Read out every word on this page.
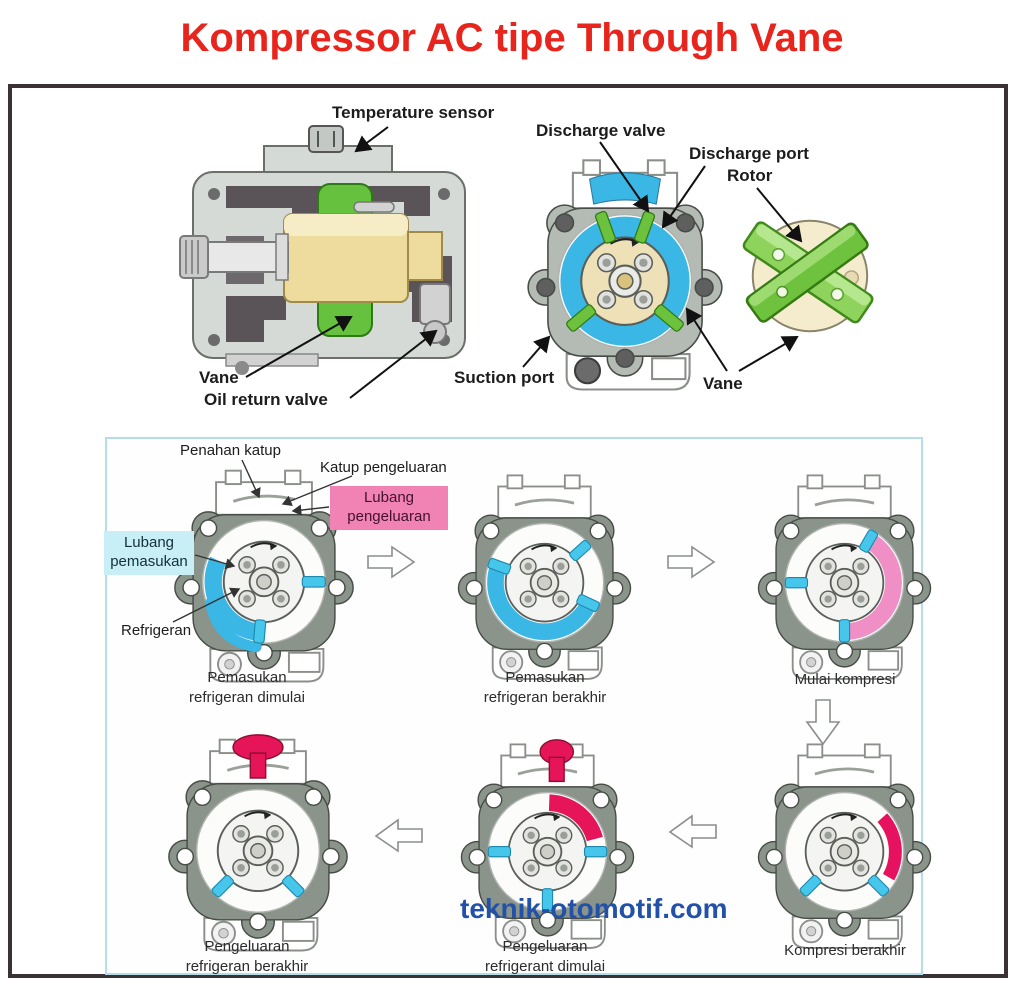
Kompressor AC tipe Through Vane
Temperature sensor
Discharge valve
Discharge port
Rotor
Vane
Oil return valve
Suction port	Vane
Penahan katup
Katup pengeluaran
Lubang pengeluaran
Lubang pemasukan
Refrigeran
Pemasukan refrigeran dimulai
Pemasukan refrigeran berakhir
Mulai kompresi
Kompresi berakhir
Pengeluaran refrigerant dimulai
Pengeluaran refrigeran berakhir
teknik-otomotif.com
